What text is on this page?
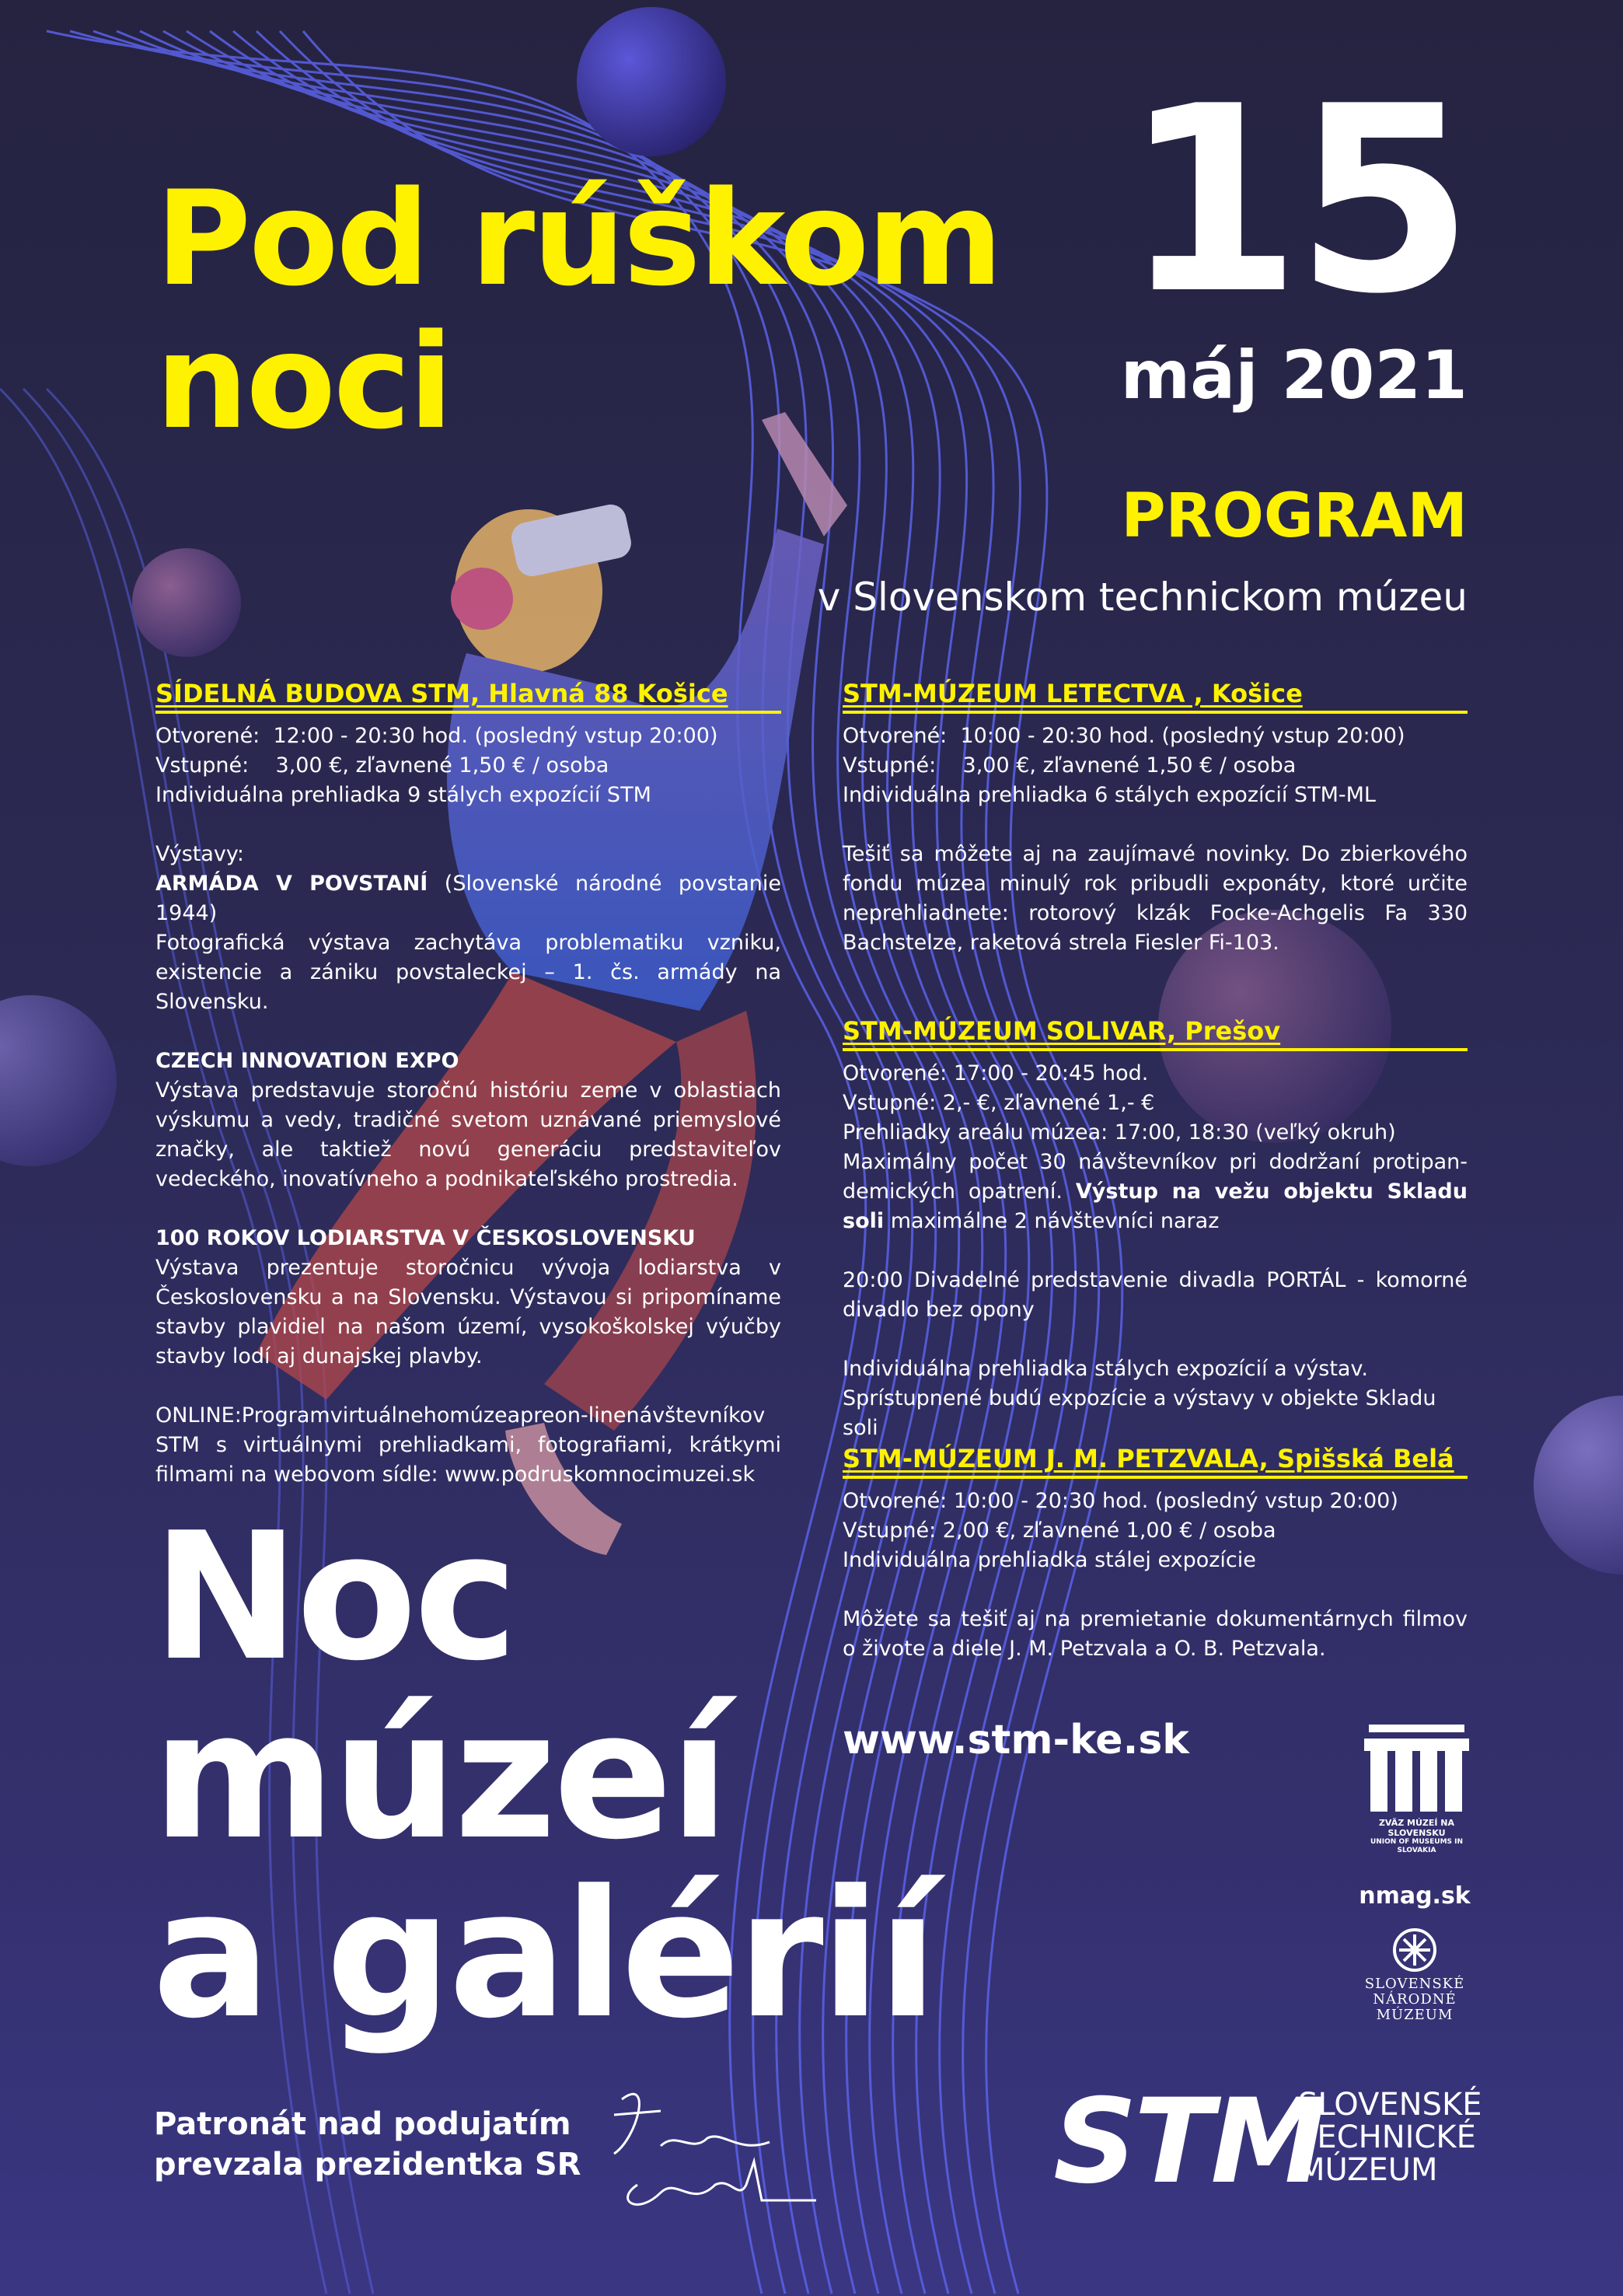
Pod rúškom
noci
15
máj 2021
PROGRAM
v Slovenskom technickom múzeu
SÍDELNÁ BUDOVA STM, Hlavná 88 Košice

Otvorené:  12:00 - 20:30 hod. (posledný vstup 20:00)

Vstupné:    3,00 €, zľavnené 1,50 € / osoba

Individuálna prehliadka 9 stálych expozícií STM

Výstavy:

ARMÁDA V POVSTANÍ (Slovenské národné povstanie 1944)

Fotografická výstava zachytáva problematiku vzniku, existencie a zániku povstaleckej – 1. čs. armády na Slovensku.

CZECH INNOVATION EXPO

Výstava predstavuje storočnú históriu zeme v oblastiach výskumu a vedy, tradičné svetom uznávané priemyslové značky, ale taktiež novú generáciu predstaviteľov vedeckého, inovatívneho a podnikateľského prostredia.

100 ROKOV LODIARSTVA V ČESKOSLOVENSKU

Výstava prezentuje storočnicu vývoja lodiarstva v Československu a na Slovensku. Výstavou si pripomíname stavby plavidiel na našom území, vysokoškolskej výučby stavby lodí aj dunajskej plavby.

ONLINE:Programvirtuálnehomúzeapreon-linenávštevníkov STM s virtuálnymi prehliadkami, fotografiami, krátkymi filmami na webovom sídle: www.podruskomnocimuzei.sk

STM-MÚZEUM LETECTVA , Košice

Otvorené:  10:00 - 20:30 hod. (posledný vstup 20:00)

Vstupné:    3,00 €, zľavnené 1,50 € / osoba

Individuálna prehliadka 6 stálych expozícií STM-ML

Tešiť sa môžete aj na zaujímavé novinky. Do zbierkového fondu múzea minulý rok pribudli exponáty, ktoré určite neprehliadnete: rotorový klzák Focke-Achgelis Fa 330 Bachstelze, raketová strela Fiesler Fi-103.

STM-MÚZEUM SOLIVAR, Prešov

Otvorené: 17:00 - 20:45 hod.

Vstupné: 2,- €, zľavnené 1,- €

Prehliadky areálu múzea: 17:00, 18:30 (veľký okruh)

Maximálny počet 30 návštevníkov pri dodržaní protipan-demických opatrení. Výstup na vežu objektu Skladu soli maximálne 2 návštevníci naraz

20:00 Divadelné predstavenie divadla PORTÁL - komorné divadlo bez opony

Individuálna prehliadka stálych expozícií a výstav.

Sprístupnené budú expozície a výstavy v objekte Skladu soli

STM-MÚZEUM J. M. PETZVALA, Spišská Belá

Otvorené: 10:00 - 20:30 hod. (posledný vstup 20:00)

Vstupné: 2,00 €, zľavnené 1,00 € / osoba

Individuálna prehliadka stálej expozície

Môžete sa tešiť aj na premietanie dokumentárnych filmov o živote a diele J. M. Petzvala a O. B. Petzvala.

Noc
múzeí
a galérií
www.stm-ke.sk
Patronát nad podujatím
prevzala prezidentka SR
ZVÄZ MÚZEÍ NA SLOVENSKU
UNION OF MUSEUMS IN SLOVAKIA
nmag.sk
SLOVENSKÉ
NÁRODNÉ
MÚZEUM
STM
SLOVENSKÉ
TECHNICKÉ
MÚZEUM
